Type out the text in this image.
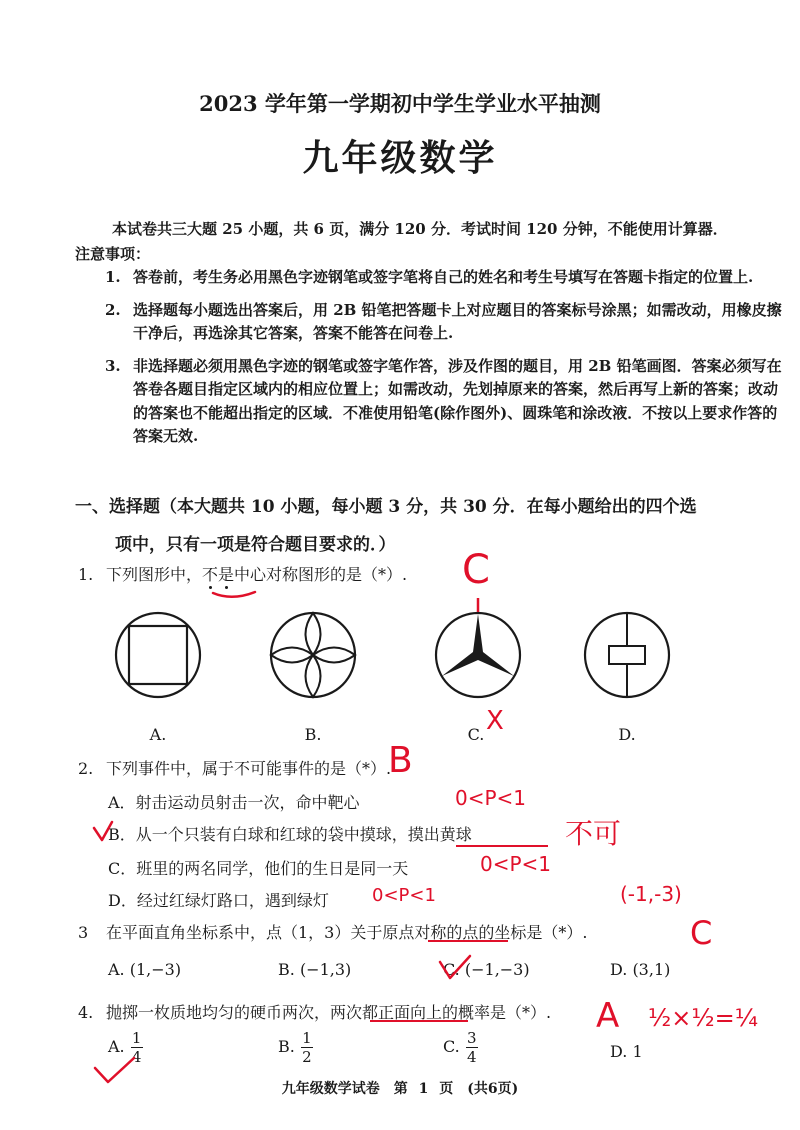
2023 学年第一学期初中学生学业水平抽测
九年级数学
本试卷共三大题 25 小题，共 6 页，满分 120 分．考试时间 120 分钟，不能使用计算器．
注意事项：
1. 答卷前，考生务必用黑色字迹钢笔或签字笔将自己的姓名和考生号填写在答题卡指定的位置上.
2. 选择题每小题选出答案后，用 2B 铅笔把答题卡上对应题目的答案标号涂黑；如需改动，用橡皮擦干净后，再选涂其它答案，答案不能答在问卷上.
3. 非选择题必须用黑色字迹的钢笔或签字笔作答，涉及作图的题目，用 2B 铅笔画图．答案必须写在答卷各题目指定区域内的相应位置上；如需改动，先划掉原来的答案，然后再写上新的答案；改动的答案也不能超出指定的区域．不准使用铅笔(除作图外)、圆珠笔和涂改液．不按以上要求作答的答案无效.
一、选择题（本大题共 10 小题，每小题 3 分，共 30 分．在每小题给出的四个选
项中，只有一项是符合题目要求的．）
1. 下列图形中，不是中心对称图形的是（*）.
A.	B.	C.	D.
2. 下列事件中，属于不可能事件的是（*）.
A．射击运动员射击一次，命中靶心
B．从一个只装有白球和红球的袋中摸球，摸出黄球
C．班里的两名同学，他们的生日是同一天
D．经过红绿灯路口，遇到绿灯
3 在平面直角坐标系中，点（1，3）关于原点对称的点的坐标是（*）.
A. (1,−3)	B. (−1,3)	C. (−1,−3)	D. (3,1)
4. 抛掷一枚质地均匀的硬币两次，两次都正面向上的概率是（*）.
A. $\frac{1}{4}$	B. $\frac{1}{2}$	C. $\frac{3}{4}$	D. 1
九年级数学试卷　第 1 页　(共6页)
C
X
B
0<P<1
不可
0<P<1
0<P<1	(-1,-3)
C
A ½×½=¼
